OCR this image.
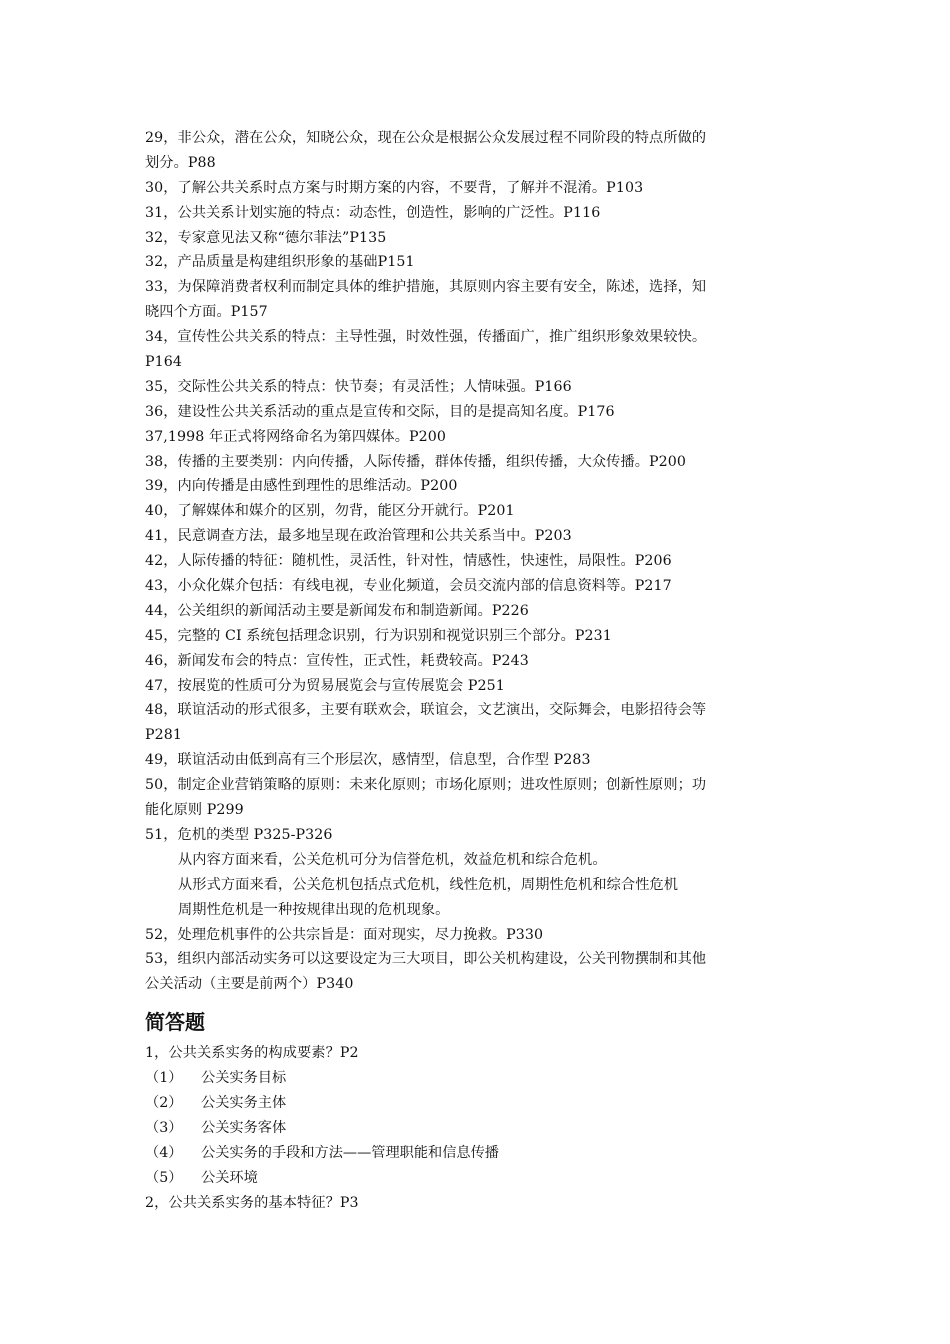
29，非公众，潜在公众，知晓公众，现在公众是根据公众发展过程不同阶段的特点所做的
划分。P88
30，了解公共关系时点方案与时期方案的内容，不要背，了解并不混淆。P103
31，公共关系计划实施的特点：动态性，创造性，影响的广泛性。P116
32，专家意见法又称“德尔菲法”P135
32，产品质量是构建组织形象的基础P151
33，为保障消费者权利而制定具体的维护措施，其原则内容主要有安全，陈述，选择，知
晓四个方面。P157
34，宣传性公共关系的特点：主导性强，时效性强，传播面广，推广组织形象效果较快。
P164
35，交际性公共关系的特点：快节奏；有灵活性；人情味强。P166
36，建设性公共关系活动的重点是宣传和交际，目的是提高知名度。P176
37,1998 年正式将网络命名为第四媒体。P200
38，传播的主要类别：内向传播，人际传播，群体传播，组织传播，大众传播。P200
39，内向传播是由感性到理性的思维活动。P200
40，了解媒体和媒介的区别，勿背，能区分开就行。P201
41，民意调查方法，最多地呈现在政治管理和公共关系当中。P203
42，人际传播的特征：随机性，灵活性，针对性，情感性，快速性，局限性。P206
43，小众化媒介包括：有线电视，专业化频道，会员交流内部的信息资料等。P217
44，公关组织的新闻活动主要是新闻发布和制造新闻。P226
45，完整的 CI 系统包括理念识别，行为识别和视觉识别三个部分。P231
46，新闻发布会的特点：宣传性，正式性，耗费较高。P243
47，按展览的性质可分为贸易展览会与宣传展览会 P251
48，联谊活动的形式很多，主要有联欢会，联谊会，文艺演出，交际舞会，电影招待会等
P281
49，联谊活动由低到高有三个形层次，感情型，信息型，合作型 P283
50，制定企业营销策略的原则：未来化原则；市场化原则；进攻性原则；创新性原则；功
能化原则 P299
51，危机的类型 P325-P326
从内容方面来看，公关危机可分为信誉危机，效益危机和综合危机。
从形式方面来看，公关危机包括点式危机，线性危机，周期性危机和综合性危机
周期性危机是一种按规律出现的危机现象。
52，处理危机事件的公共宗旨是：面对现实，尽力挽救。P330
53，组织内部活动实务可以这要设定为三大项目，即公关机构建设，公关刊物撰制和其他
公关活动（主要是前两个）P340
简答题
1，公共关系实务的构成要素？P2
（1）	公关实务目标
（2）	公关实务主体
（3）	公关实务客体
（4）	公关实务的手段和方法——管理职能和信息传播
（5）	公关环境
2，公共关系实务的基本特征？P3
